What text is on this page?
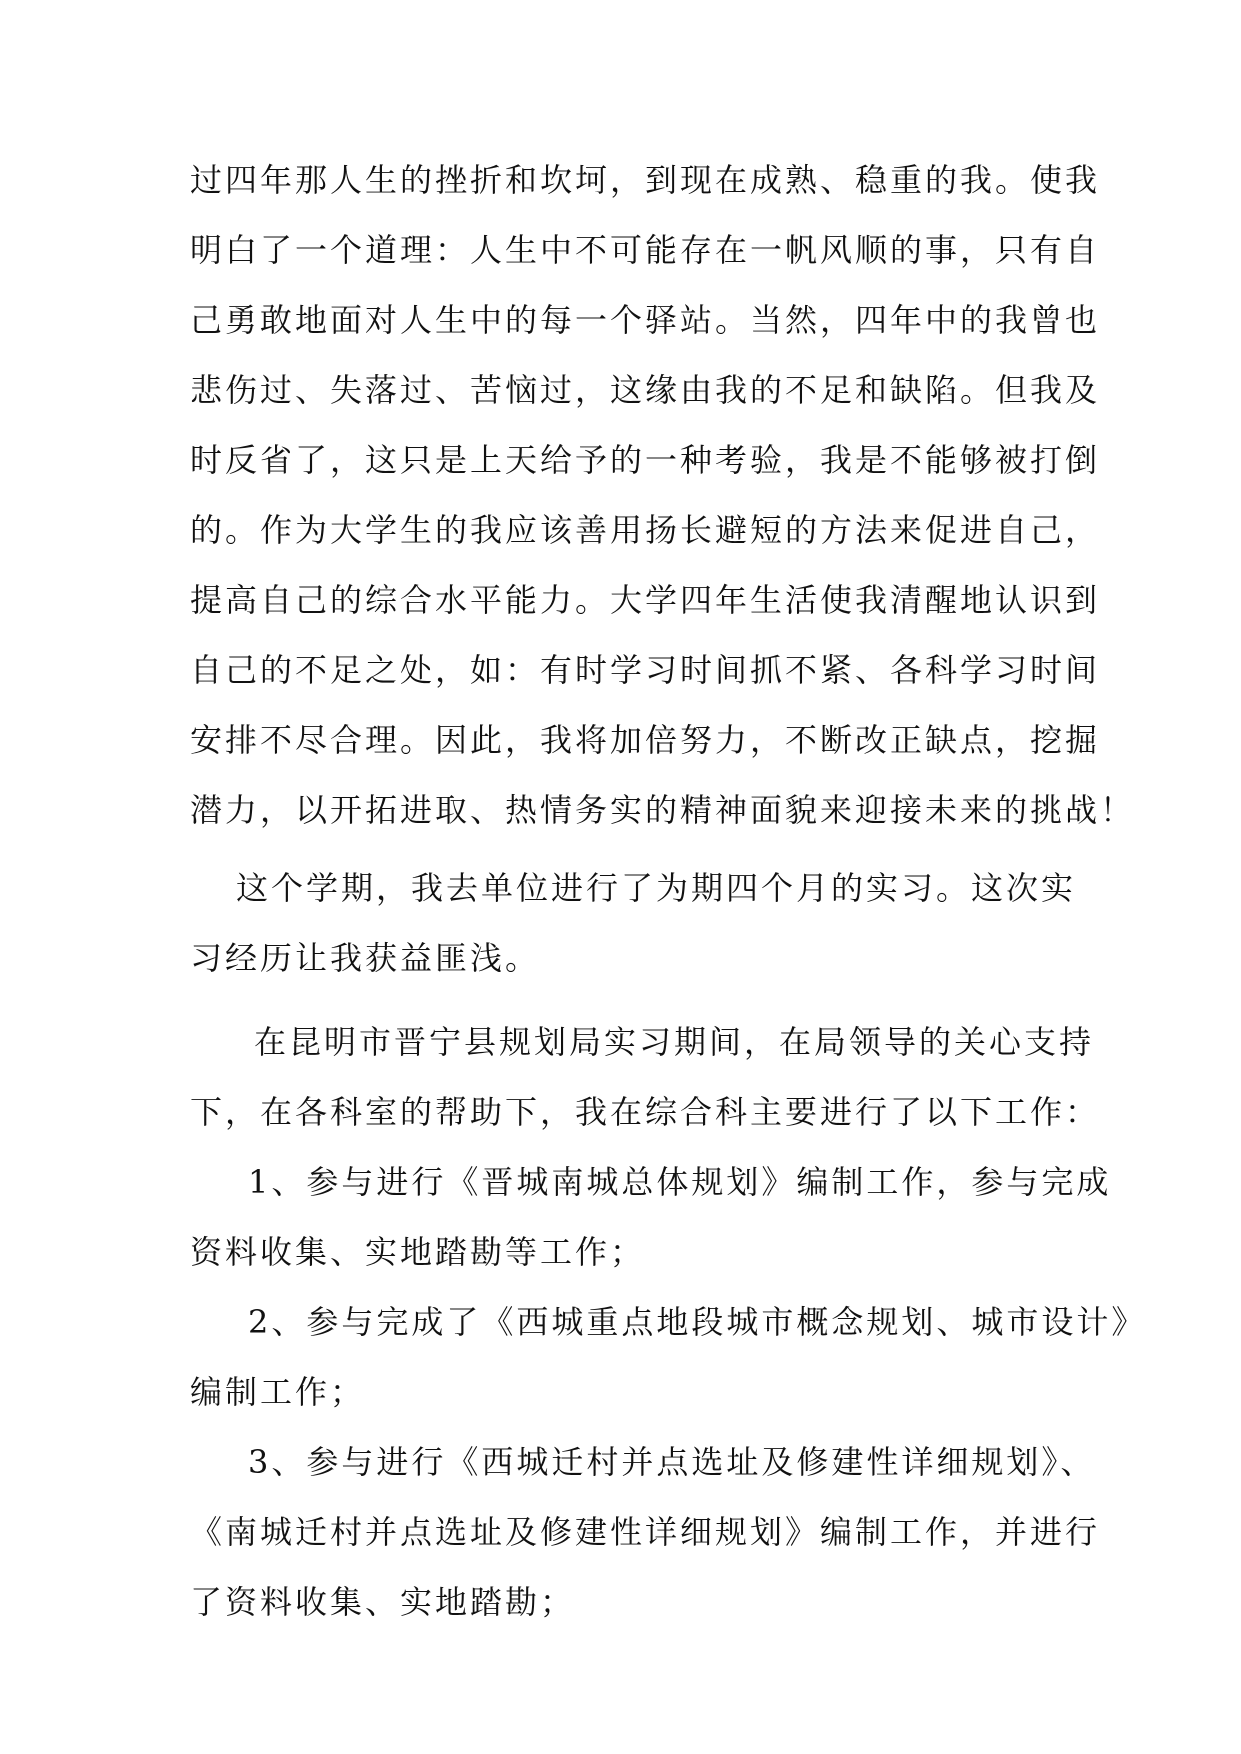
过四年那人生的挫折和坎坷，到现在成熟、稳重的我。使我
明白了一个道理：人生中不可能存在一帆风顺的事，只有自
己勇敢地面对人生中的每一个驿站。当然，四年中的我曾也
悲伤过、失落过、苦恼过，这缘由我的不足和缺陷。但我及
时反省了，这只是上天给予的一种考验，我是不能够被打倒
的。作为大学生的我应该善用扬长避短的方法来促进自己，
提高自己的综合水平能力。大学四年生活使我清醒地认识到
自己的不足之处，如：有时学习时间抓不紧、各科学习时间
安排不尽合理。因此，我将加倍努力，不断改正缺点，挖掘
潜力，以开拓进取、热情务实的精神面貌来迎接未来的挑战！
这个学期，我去单位进行了为期四个月的实习。这次实
习经历让我获益匪浅。
在昆明市晋宁县规划局实习期间，在局领导的关心支持
下，在各科室的帮助下，我在综合科主要进行了以下工作：
1、参与进行《晋城南城总体规划》编制工作，参与完成
资料收集、实地踏勘等工作；
2、参与完成了《西城重点地段城市概念规划、城市设计》
编制工作；
3、参与进行《西城迁村并点选址及修建性详细规划》、
《南城迁村并点选址及修建性详细规划》编制工作，并进行
了资料收集、实地踏勘；
